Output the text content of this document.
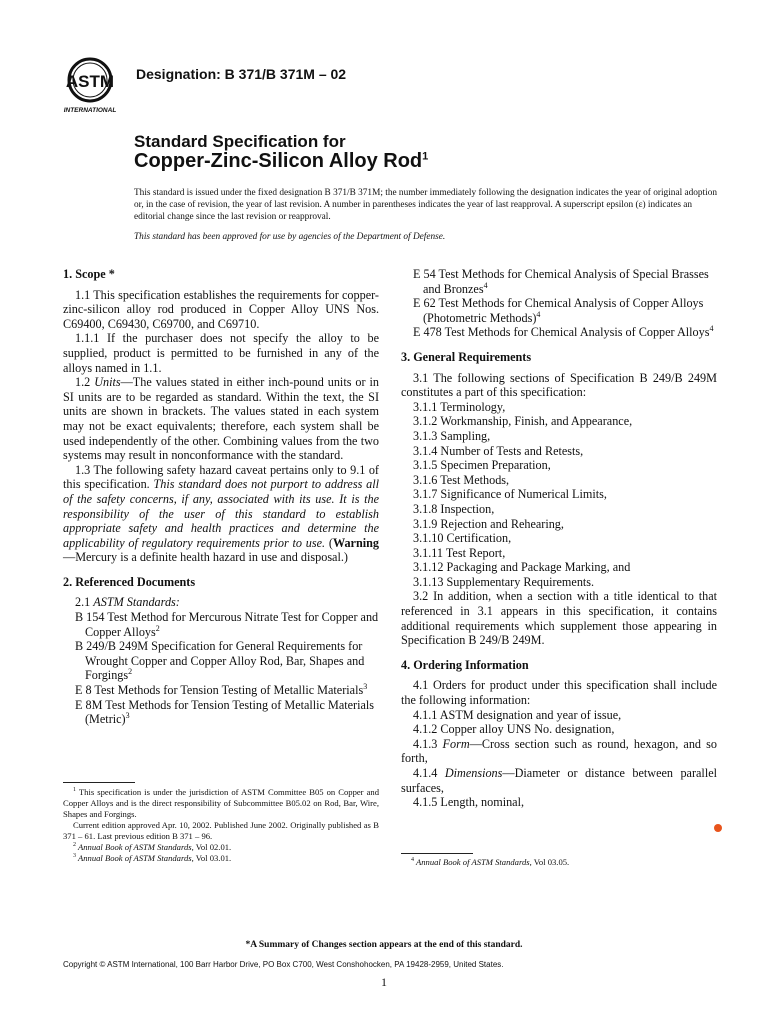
ASTM
INTERNATIONAL
Designation: B 371/B 371M – 02
Standard Specification for
Copper-Zinc-Silicon Alloy Rod$^1$
This standard is issued under the fixed designation B 371/B 371M; the number immediately following the designation indicates the year of original adoption or, in the case of revision, the year of last revision. A number in parentheses indicates the year of last reapproval. A superscript epsilon (ε) indicates an editorial change since the last revision or reapproval.
This standard has been approved for use by agencies of the Department of Defense.
1. Scope *

1.1 This specification establishes the requirements for copper-zinc-silicon alloy rod produced in Copper Alloy UNS Nos. C69400, C69430, C69700, and C69710.

1.1.1 If the purchaser does not specify the alloy to be supplied, product is permitted to be furnished in any of the alloys named in 1.1.

1.2 Units—The values stated in either inch-pound units or in SI units are to be regarded as standard. Within the text, the SI units are shown in brackets. The values stated in each system may not be exact equivalents; therefore, each system shall be used independently of the other. Combining values from the two systems may result in nonconformance with the standard.

1.3 The following safety hazard caveat pertains only to 9.1 of this specification. This standard does not purport to address all of the safety concerns, if any, associated with its use. It is the responsibility of the user of this standard to establish appropriate safety and health practices and determine the applicability of regulatory requirements prior to use. (Warning—Mercury is a definite health hazard in use and disposal.)

2. Referenced Documents

2.1 ASTM Standards:

B 154 Test Method for Mercurous Nitrate Test for Copper and Copper Alloys$^2$

B 249/B 249M Specification for General Requirements for Wrought Copper and Copper Alloy Rod, Bar, Shapes and Forgings$^2$

E 8 Test Methods for Tension Testing of Metallic Materials$^3$

E 8M Test Methods for Tension Testing of Metallic Materials (Metric)$^3$

$^1$ This specification is under the jurisdiction of ASTM Committee B05 on Copper and Copper Alloys and is the direct responsibility of Subcommittee B05.02 on Rod, Bar, Wire, Shapes and Forgings.

Current edition approved Apr. 10, 2002. Published June 2002. Originally published as B 371 – 61. Last previous edition B 371 – 96.

$^2$ Annual Book of ASTM Standards, Vol 02.01.

$^3$ Annual Book of ASTM Standards, Vol 03.01.

E 54 Test Methods for Chemical Analysis of Special Brasses and Bronzes$^4$

E 62 Test Methods for Chemical Analysis of Copper Alloys (Photometric Methods)$^4$

E 478 Test Methods for Chemical Analysis of Copper Alloys$^4$

3. General Requirements

3.1 The following sections of Specification B 249/B 249M constitutes a part of this specification:

3.1.1 Terminology,
3.1.2 Workmanship, Finish, and Appearance,
3.1.3 Sampling,
3.1.4 Number of Tests and Retests,
3.1.5 Specimen Preparation,
3.1.6 Test Methods,
3.1.7 Significance of Numerical Limits,
3.1.8 Inspection,
3.1.9 Rejection and Rehearing,
3.1.10 Certification,
3.1.11 Test Report,
3.1.12 Packaging and Package Marking, and
3.1.13 Supplementary Requirements.

3.2 In addition, when a section with a title identical to that referenced in 3.1 appears in this specification, it contains additional requirements which supplement those appearing in Specification B 249/B 249M.

4. Ordering Information

4.1 Orders for product under this specification shall include the following information:

4.1.1 ASTM designation and year of issue,

4.1.2 Copper alloy UNS No. designation,

4.1.3 Form—Cross section such as round, hexagon, and so forth,

4.1.4 Dimensions—Diameter or distance between parallel surfaces,

4.1.5 Length, nominal,

$^4$ Annual Book of ASTM Standards, Vol 03.05.

*A Summary of Changes section appears at the end of this standard.
Copyright © ASTM International, 100 Barr Harbor Drive, PO Box C700, West Conshohocken, PA 19428-2959, United States.
1
